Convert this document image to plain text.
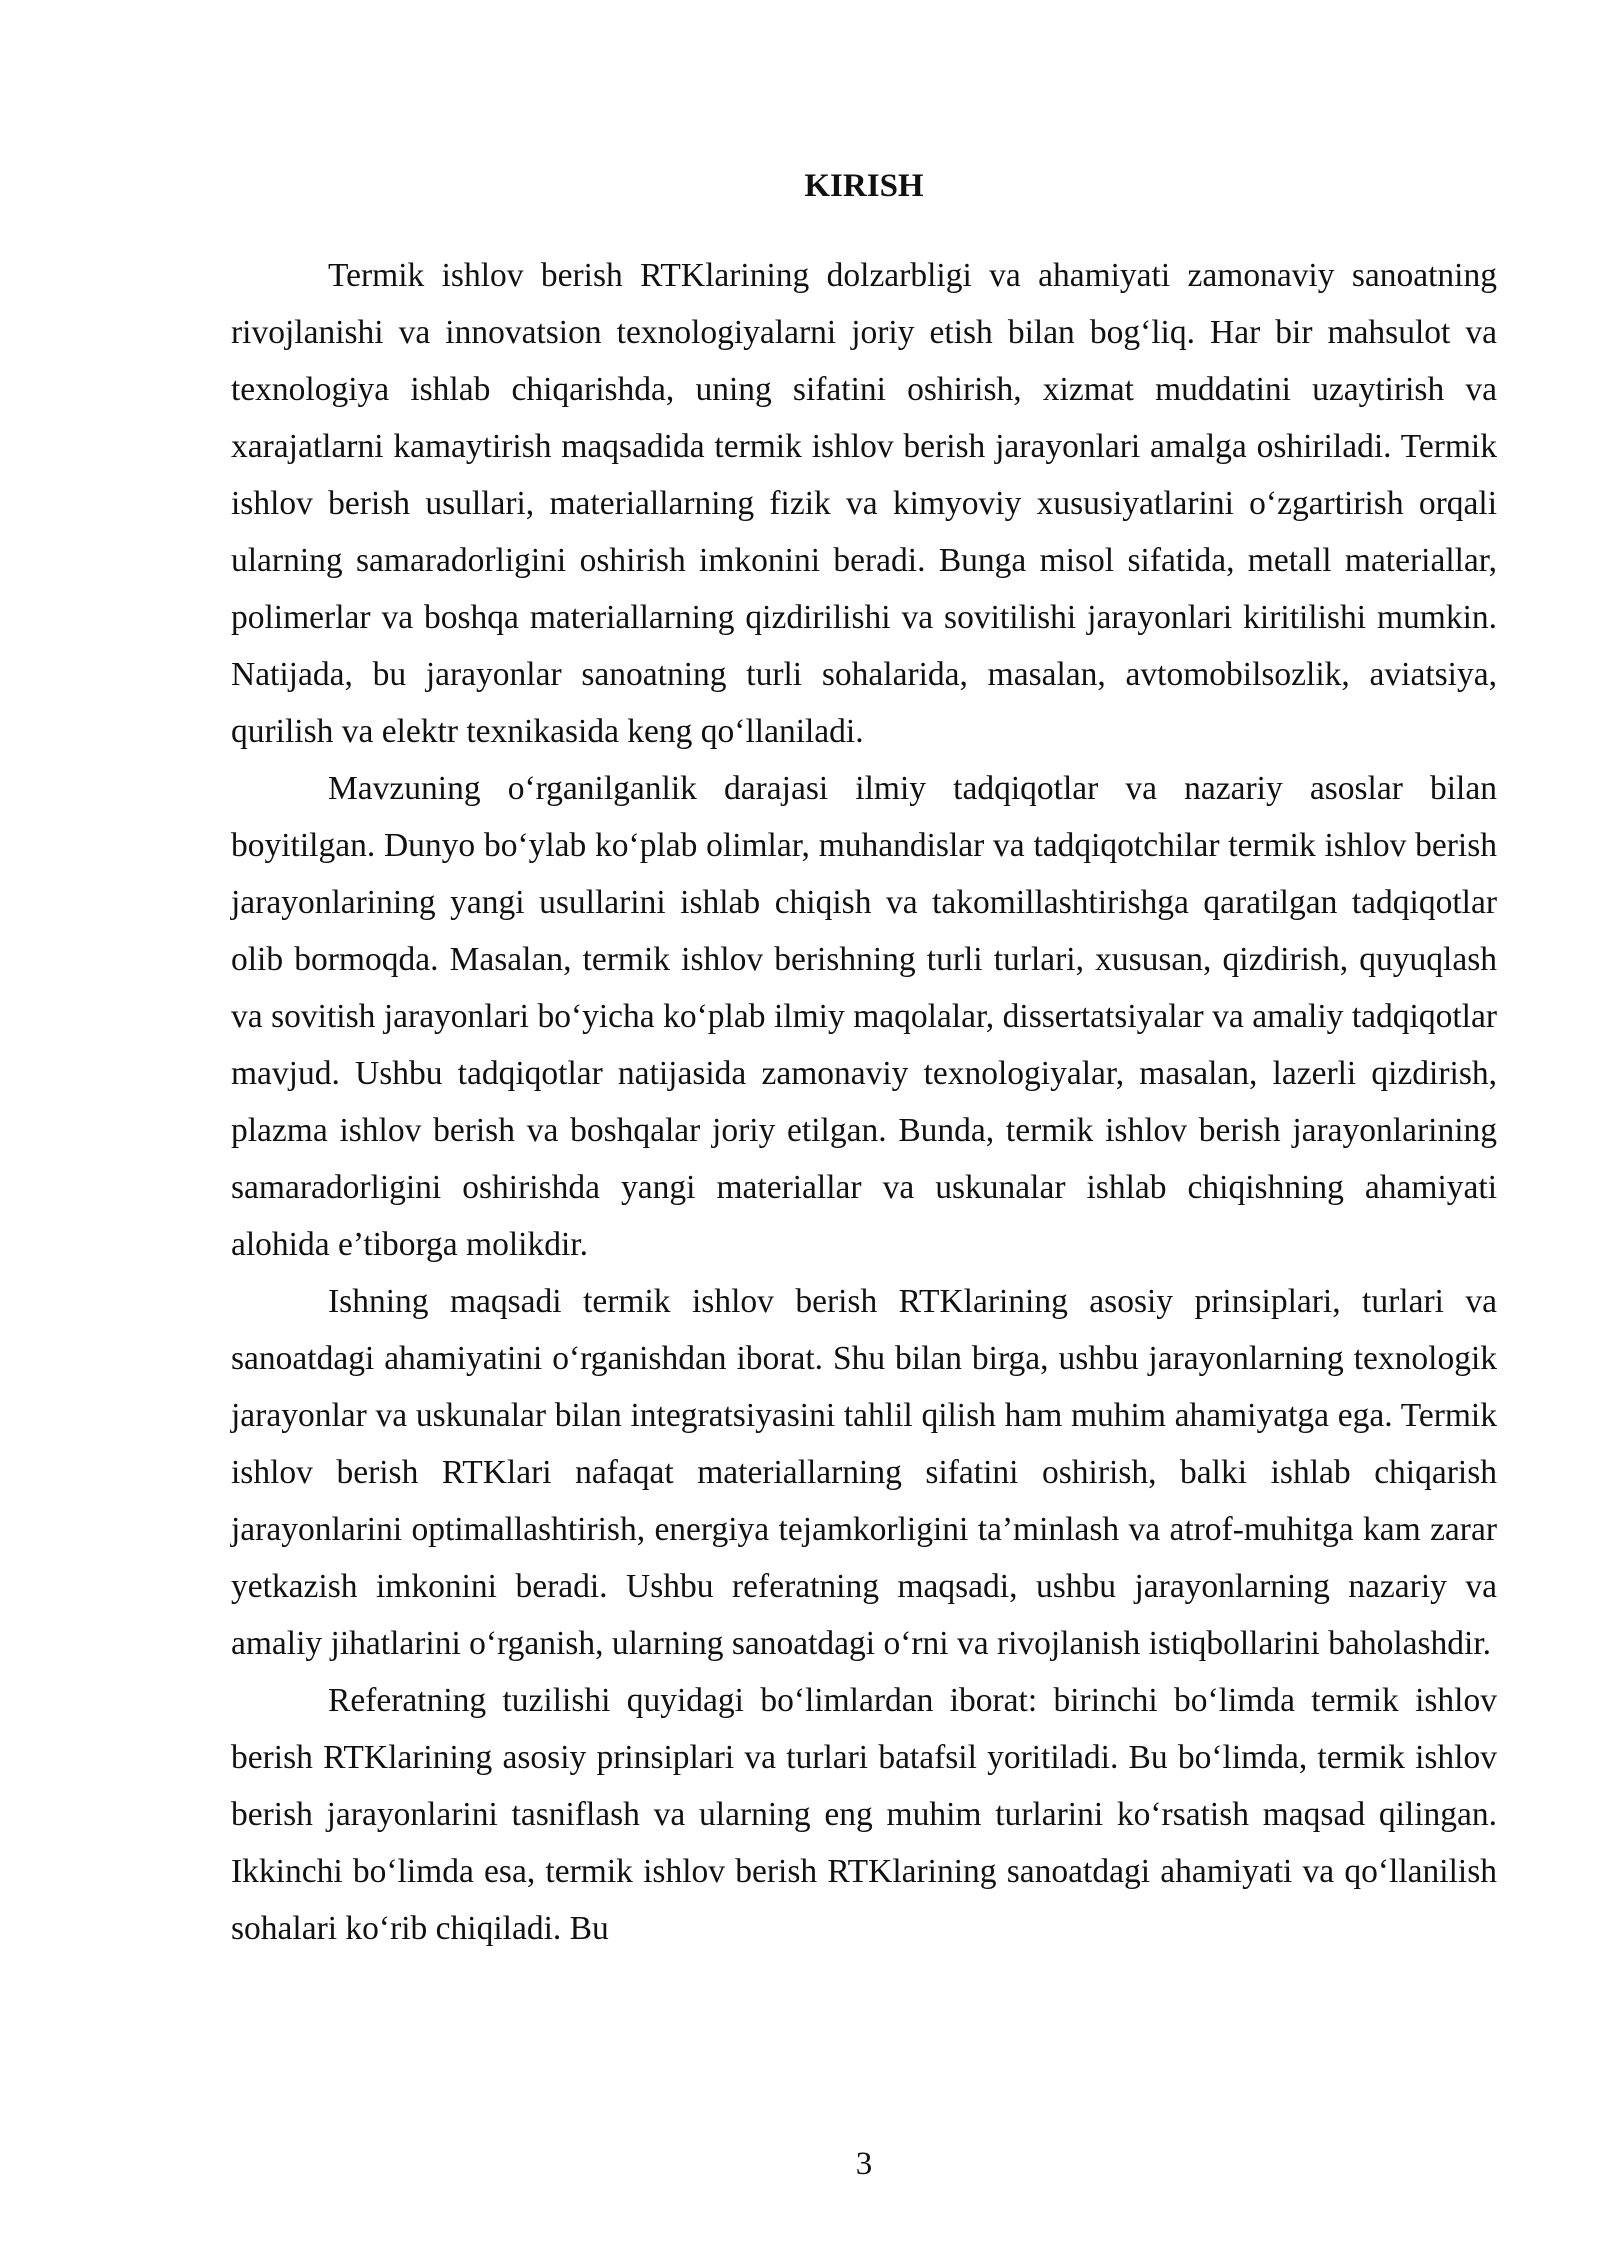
KIRISH

Termik ishlov berish RTKlarining dolzarbligi va ahamiyati zamonaviy sanoatning rivojlanishi va innovatsion texnologiyalarni joriy etish bilan bog‘liq. Har bir mahsulot va texnologiya ishlab chiqarishda, uning sifatini oshirish, xizmat muddatini uzaytirish va xarajatlarni kamaytirish maqsadida termik ishlov berish jarayonlari amalga oshiriladi. Termik ishlov berish usullari, materiallarning fizik va kimyoviy xususiyatlarini o‘zgartirish orqali ularning samaradorligini oshirish imkonini beradi. Bunga misol sifatida, metall materiallar, polimerlar va boshqa materiallarning qizdirilishi va sovitilishi jarayonlari kiritilishi mumkin. Natijada, bu jarayonlar sanoatning turli sohalarida, masalan, avtomobilsozlik, aviatsiya, qurilish va elektr texnikasida keng qo‘llaniladi.

Mavzuning o‘rganilganlik darajasi ilmiy tadqiqotlar va nazariy asoslar bilan boyitilgan. Dunyo bo‘ylab ko‘plab olimlar, muhandislar va tadqiqotchilar termik ishlov berish jarayonlarining yangi usullarini ishlab chiqish va takomillashtirishga qaratilgan tadqiqotlar olib bormoqda. Masalan, termik ishlov berishning turli turlari, xususan, qizdirish, quyuqlash va sovitish jarayonlari bo‘yicha ko‘plab ilmiy maqolalar, dissertatsiyalar va amaliy tadqiqotlar mavjud. Ushbu tadqiqotlar natijasida zamonaviy texnologiyalar, masalan, lazerli qizdirish, plazma ishlov berish va boshqalar joriy etilgan. Bunda, termik ishlov berish jarayonlarining samaradorligini oshirishda yangi materiallar va uskunalar ishlab chiqishning ahamiyati alohida e’tiborga molikdir.

Ishning maqsadi termik ishlov berish RTKlarining asosiy prinsiplari, turlari va sanoatdagi ahamiyatini o‘rganishdan iborat. Shu bilan birga, ushbu jarayonlarning texnologik jarayonlar va uskunalar bilan integratsiyasini tahlil qilish ham muhim ahamiyatga ega. Termik ishlov berish RTKlari nafaqat materiallarning sifatini oshirish, balki ishlab chiqarish jarayonlarini optimallashtirish, energiya tejamkorligini ta’minlash va atrof-muhitga kam zarar yetkazish imkonini beradi. Ushbu referatning maqsadi, ushbu jarayonlarning nazariy va amaliy jihatlarini o‘rganish, ularning sanoatdagi o‘rni va rivojlanish istiqbollarini baholashdir.

Referatning tuzilishi quyidagi bo‘limlardan iborat: birinchi bo‘limda termik ishlov berish RTKlarining asosiy prinsiplari va turlari batafsil yoritiladi. Bu bo‘limda, termik ishlov berish jarayonlarini tasniflash va ularning eng muhim turlarini ko‘rsatish maqsad qilingan. Ikkinchi bo‘limda esa, termik ishlov berish RTKlarining sanoatdagi ahamiyati va qo‘llanilish sohalari ko‘rib chiqiladi. Bu

3
